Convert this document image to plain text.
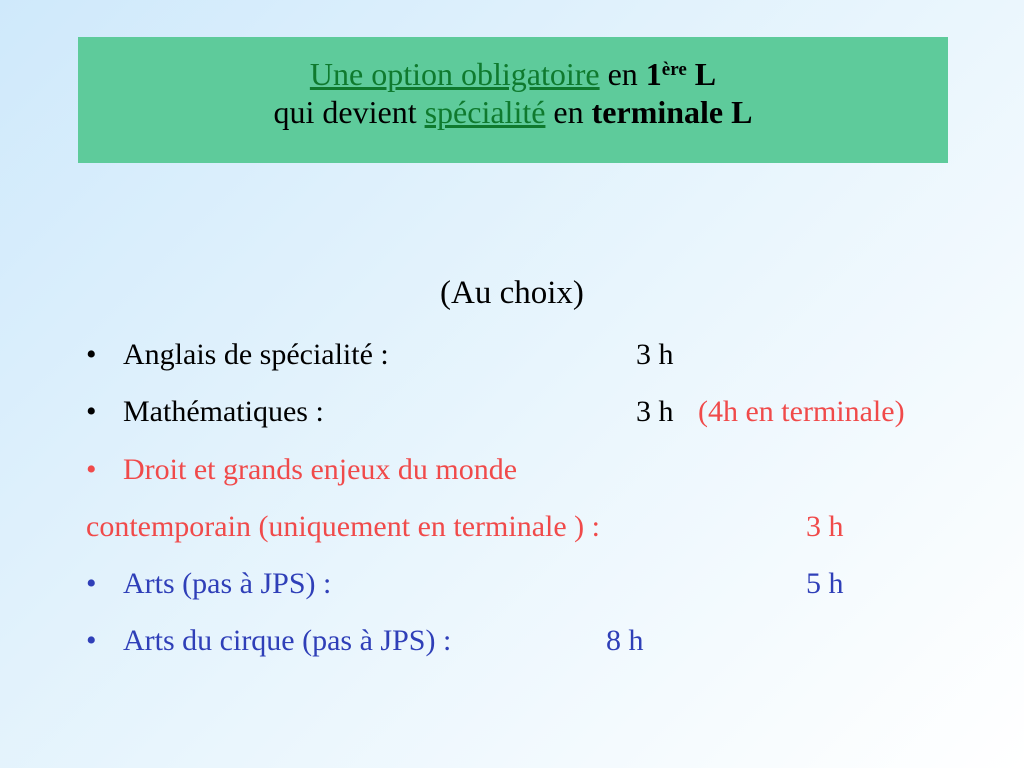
Une option obligatoire en 1ère L
qui devient spécialité en terminale L
(Au choix)
• Anglais de spécialité :	3 h
• Mathématiques :	3 h (4h en terminale)
• Droit et grands enjeux du monde
contemporain (uniquement en terminale ) :	3 h
• Arts (pas à JPS) :	5 h
• Arts du cirque (pas à JPS) :	8 h
